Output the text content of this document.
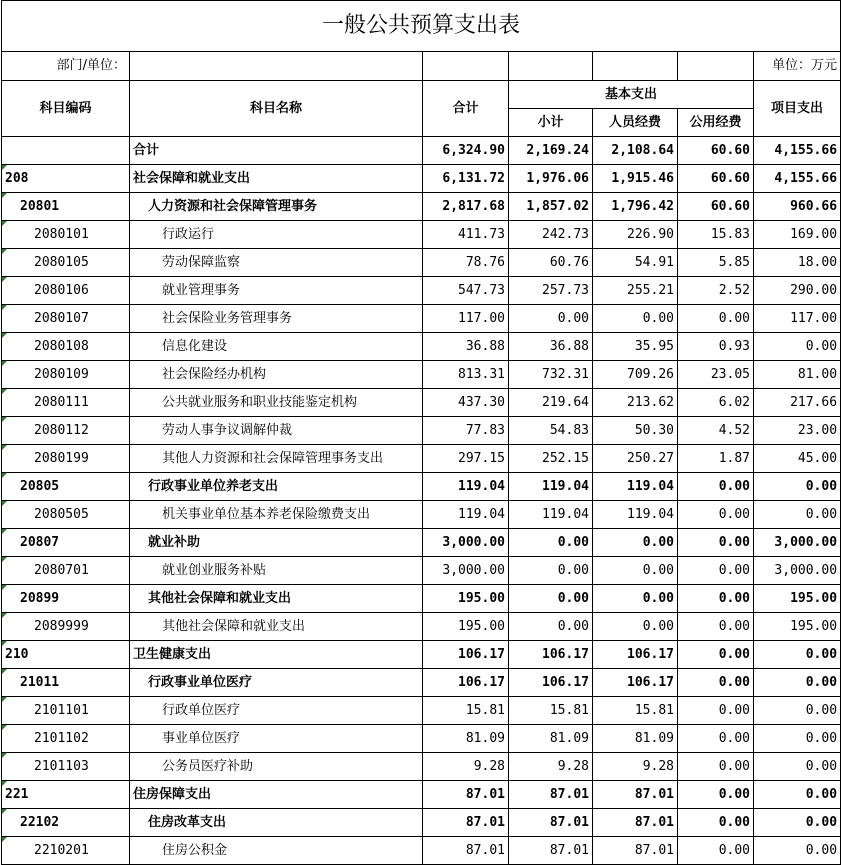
一般公共预算支出表						
部门/单位：						单位：万元
科目编码	科目名称	合计	基本支出			项目支出
			小计	人员经费	公用经费	
	合计	6,324.90	2,169.24	2,108.64	60.60	4,155.66
208	社会保障和就业支出	6,131.72	1,976.06	1,915.46	60.60	4,155.66
20801	人力资源和社会保障管理事务	2,817.68	1,857.02	1,796.42	60.60	960.66
2080101	行政运行	411.73	242.73	226.90	15.83	169.00
2080105	劳动保障监察	78.76	60.76	54.91	5.85	18.00
2080106	就业管理事务	547.73	257.73	255.21	2.52	290.00
2080107	社会保险业务管理事务	117.00	0.00	0.00	0.00	117.00
2080108	信息化建设	36.88	36.88	35.95	0.93	0.00
2080109	社会保险经办机构	813.31	732.31	709.26	23.05	81.00
2080111	公共就业服务和职业技能鉴定机构	437.30	219.64	213.62	6.02	217.66
2080112	劳动人事争议调解仲裁	77.83	54.83	50.30	4.52	23.00
2080199	其他人力资源和社会保障管理事务支出	297.15	252.15	250.27	1.87	45.00
20805	行政事业单位养老支出	119.04	119.04	119.04	0.00	0.00
2080505	机关事业单位基本养老保险缴费支出	119.04	119.04	119.04	0.00	0.00
20807	就业补助	3,000.00	0.00	0.00	0.00	3,000.00
2080701	就业创业服务补贴	3,000.00	0.00	0.00	0.00	3,000.00
20899	其他社会保障和就业支出	195.00	0.00	0.00	0.00	195.00
2089999	其他社会保障和就业支出	195.00	0.00	0.00	0.00	195.00
210	卫生健康支出	106.17	106.17	106.17	0.00	0.00
21011	行政事业单位医疗	106.17	106.17	106.17	0.00	0.00
2101101	行政单位医疗	15.81	15.81	15.81	0.00	0.00
2101102	事业单位医疗	81.09	81.09	81.09	0.00	0.00
2101103	公务员医疗补助	9.28	9.28	9.28	0.00	0.00
221	住房保障支出	87.01	87.01	87.01	0.00	0.00
22102	住房改革支出	87.01	87.01	87.01	0.00	0.00
2210201	住房公积金	87.01	87.01	87.01	0.00	0.00
